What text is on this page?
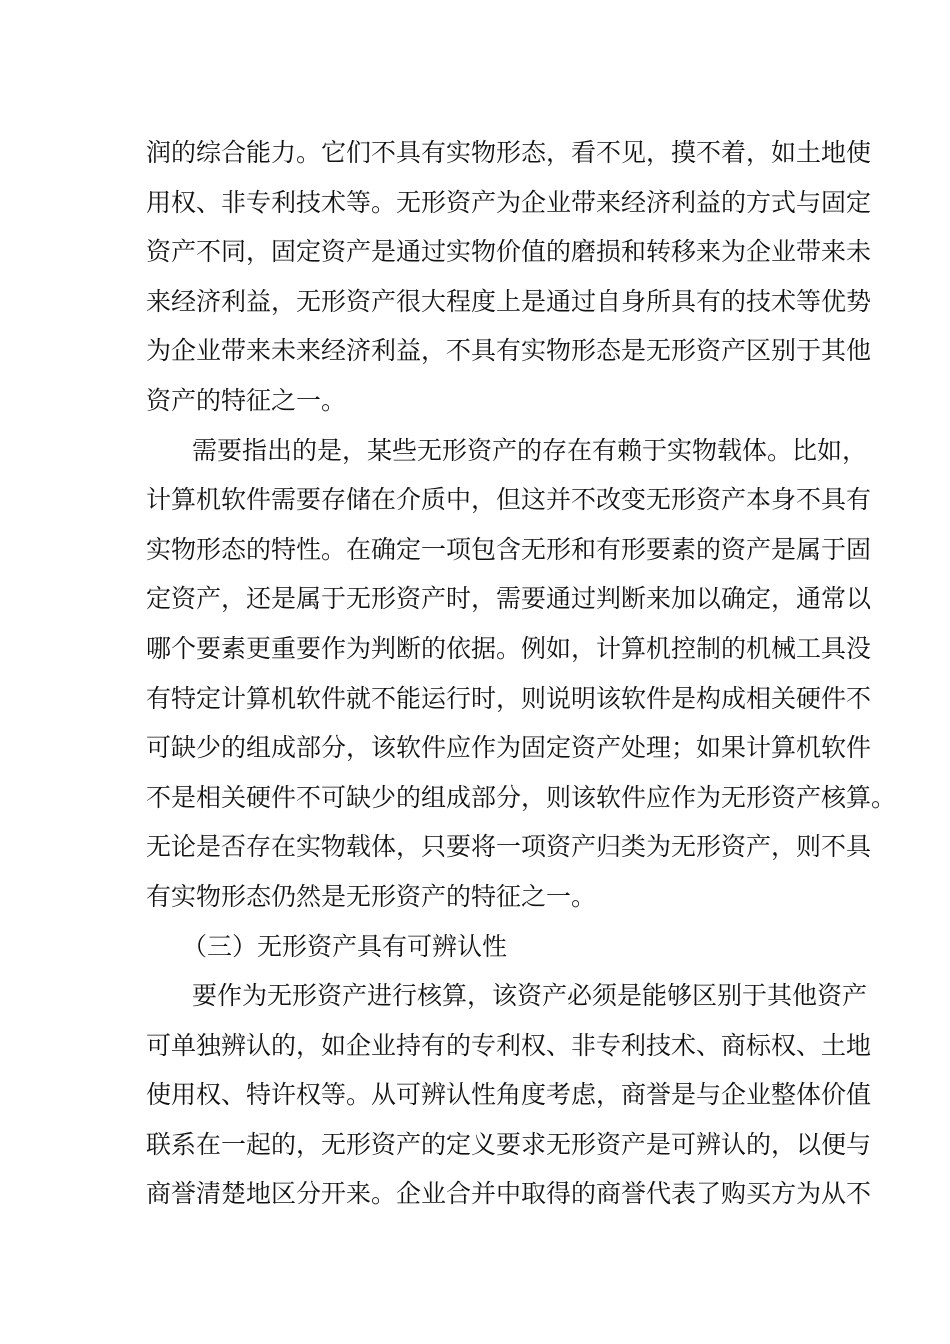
润的综合能力。它们不具有实物形态，看不见，摸不着，如土地使
用权、非专利技术等。无形资产为企业带来经济利益的方式与固定
资产不同，固定资产是通过实物价值的磨损和转移来为企业带来未
来经济利益，无形资产很大程度上是通过自身所具有的技术等优势
为企业带来未来经济利益，不具有实物形态是无形资产区别于其他
资产的特征之一。
需要指出的是，某些无形资产的存在有赖于实物载体。比如，
计算机软件需要存储在介质中，但这并不改变无形资产本身不具有
实物形态的特性。在确定一项包含无形和有形要素的资产是属于固
定资产，还是属于无形资产时，需要通过判断来加以确定，通常以
哪个要素更重要作为判断的依据。例如，计算机控制的机械工具没
有特定计算机软件就不能运行时，则说明该软件是构成相关硬件不
可缺少的组成部分，该软件应作为固定资产处理；如果计算机软件
不是相关硬件不可缺少的组成部分，则该软件应作为无形资产核算。
无论是否存在实物载体，只要将一项资产归类为无形资产，则不具
有实物形态仍然是无形资产的特征之一。
（三）无形资产具有可辨认性
要作为无形资产进行核算，该资产必须是能够区别于其他资产
可单独辨认的，如企业持有的专利权、非专利技术、商标权、土地
使用权、特许权等。从可辨认性角度考虑，商誉是与企业整体价值
联系在一起的，无形资产的定义要求无形资产是可辨认的，以便与
商誉清楚地区分开来。企业合并中取得的商誉代表了购买方为从不
